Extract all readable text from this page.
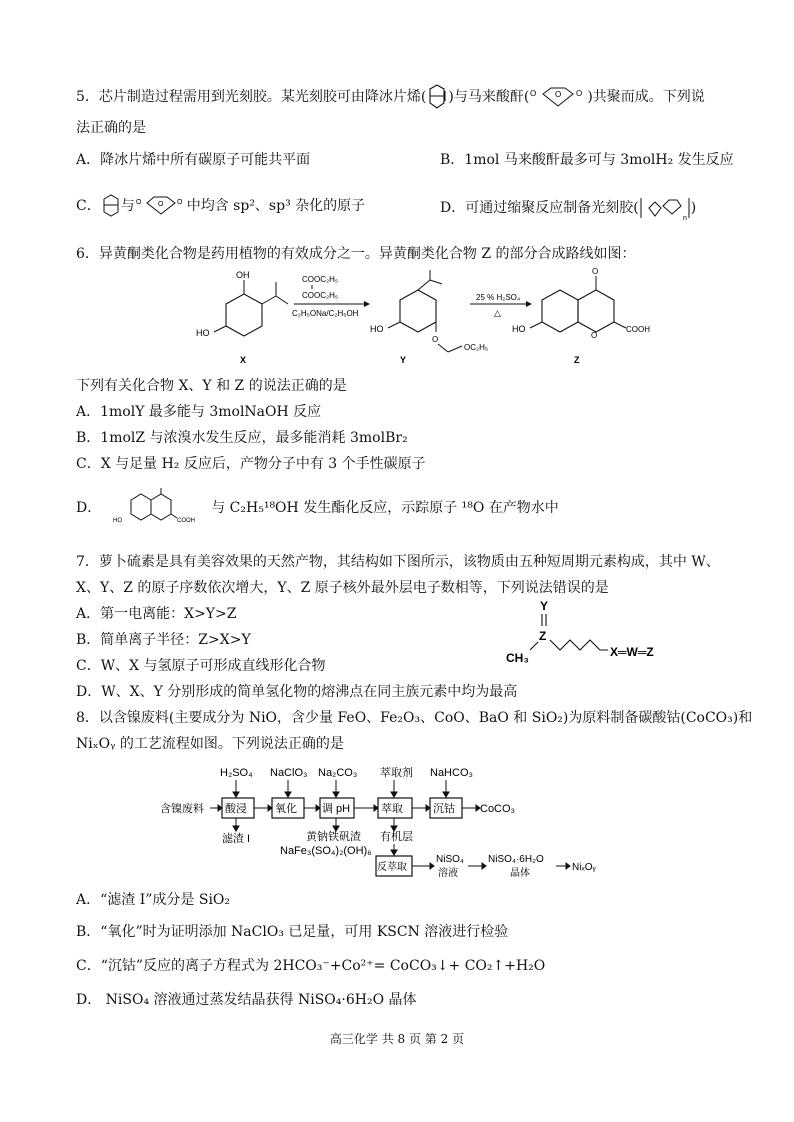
5．芯片制造过程需用到光刻胶。某光刻胶可由降冰片烯( )与马来酸酐( O O O )共聚而成。下列说
法正确的是
A．降冰片烯中所有碳原子可能共平面	B．1mol 马来酸酐最多可与 3molH₂ 发生反应
C． 与 O O O 中均含 sp²、sp³ 杂化的原子	D．可通过缩聚反应制备光刻胶(
n
)
6．异黄酮类化合物是药用植物的有效成分之一。异黄酮类化合物 Z 的部分合成路线如图：
OH
HO
X
COOC₂H₅
COOC₂H₅
C₂H₅ONa/C₂H₅OH
O
OC₂H₅
HO
Y
25 % H₂SO₄
△
O
O
COOH
HO
Z
下列有关化合物 X、Y 和 Z 的说法正确的是
A．1molY 最多能与 3molNaOH 反应
B．1molZ 与浓溴水发生反应，最多能消耗 3molBr₂
C．X 与足量 H₂ 反应后，产物分子中有 3 个手性碳原子
D．
COOH
HO
与 C₂H₅¹⁸OH 发生酯化反应，示踪原子 ¹⁸O 在产物水中
7．萝卜硫素是具有美容效果的天然产物，其结构如下图所示，该物质由五种短周期元素构成，其中 W、
X、Y、Z 的原子序数依次增大，Y、Z 原子核外最外层电子数相等，下列说法错误的是
A．第一电离能：X>Y>Z
B．简单离子半径：Z>X>Y
C．W、X 与氢原子可形成直线形化合物
D．W、X、Y 分别形成的简单氢化物的熔沸点在同主族元素中均为最高
Y
Z
CH₃	X═W═Z
8．以含镍废料(主要成分为 NiO，含少量 FeO、Fe₂O₃、CoO、BaO 和 SiO₂)为原料制备碳酸钴(CoCO₃)和
NiₓOᵧ 的工艺流程如图。下列说法正确的是
H₂SO₄ NaClO₃ Na₂CO₃ 萃取剂 NaHCO₃
含镍废料 酸浸	氧化 调 pH	萃取	沉钴 CoCO₃
滤渣 I	黄钠铁矾渣
NaFe₃(SO₄)₂(OH)₆
有机层
反萃取
NiSO₄
溶液
NiSO₄·6H₂O
晶体
NiₓOᵧ
A．“滤渣 I”成分是 SiO₂
B．“氧化”时为证明添加 NaClO₃ 已足量，可用 KSCN 溶液进行检验
C．“沉钴”反应的离子方程式为 2HCO₃⁻+Co²⁺= CoCO₃↓+ CO₂↑+H₂O
D． NiSO₄ 溶液通过蒸发结晶获得 NiSO₄·6H₂O 晶体
高三化学 共 8 页 第 2 页
